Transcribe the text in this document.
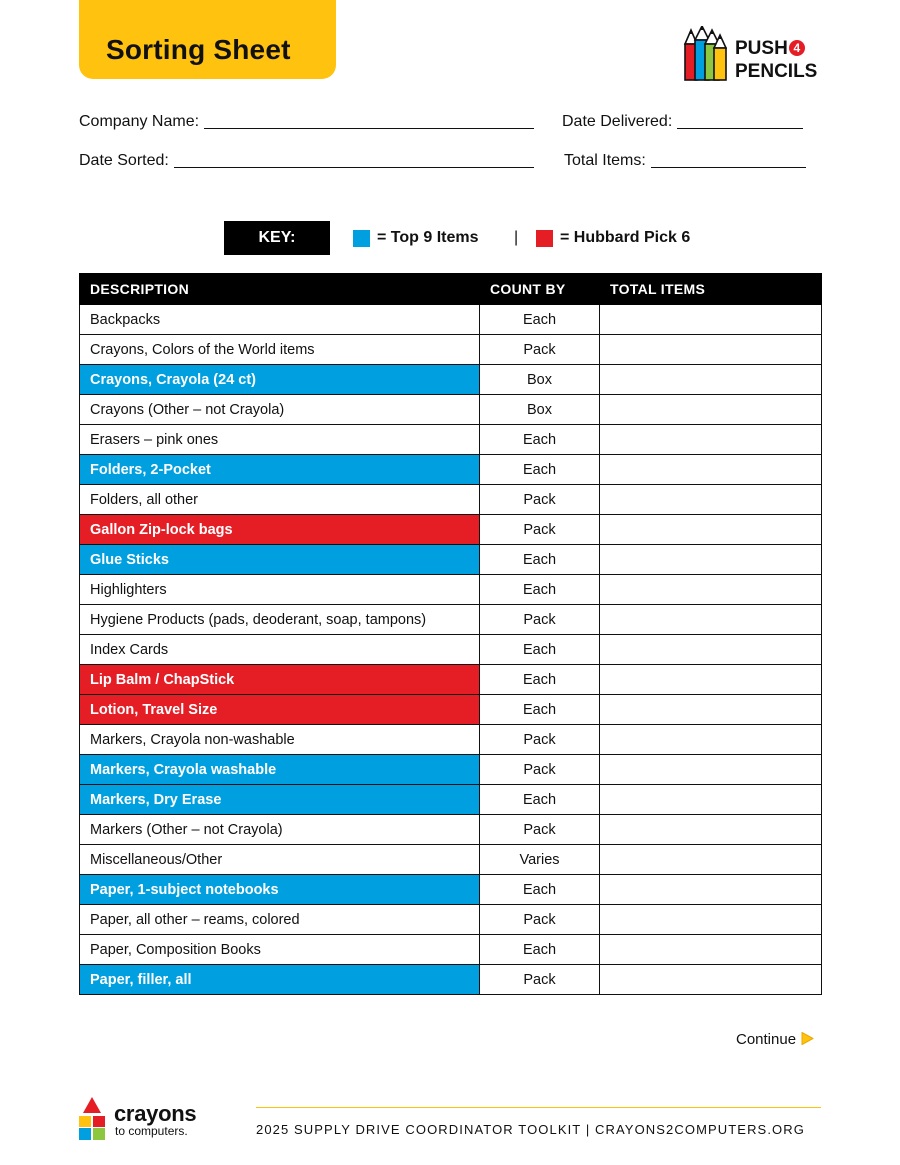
Sorting Sheet	PUSH 4
PENCILS
Company Name:	Date Delivered:
Date Sorted:	Total Items:
KEY:	= Top 9 Items |	= Hubbard Pick 6
DESCRIPTION	COUNT BY	TOTAL ITEMS
Backpacks	Each	
Crayons, Colors of the World items	Pack	
Crayons, Crayola (24 ct)	Box	
Crayons (Other – not Crayola)	Box	
Erasers – pink ones	Each	
Folders, 2-Pocket	Each	
Folders, all other	Pack	
Gallon Zip-lock bags	Pack	
Glue Sticks	Each	
Highlighters	Each	
Hygiene Products (pads, deoderant, soap, tampons)	Pack	
Index Cards	Each	
Lip Balm / ChapStick	Each	
Lotion, Travel Size	Each	
Markers, Crayola non-washable	Pack	
Markers, Crayola washable	Pack	
Markers, Dry Erase	Each	
Markers (Other – not Crayola)	Pack	
Miscellaneous/Other	Varies	
Paper, 1-subject notebooks	Each	
Paper, all other – reams, colored	Pack	
Paper, Composition Books	Each	
Paper, filler, all	Pack	
Continue
crayons
to computers.	2025 SUPPLY DRIVE COORDINATOR TOOLKIT | CRAYONS2COMPUTERS.ORG
